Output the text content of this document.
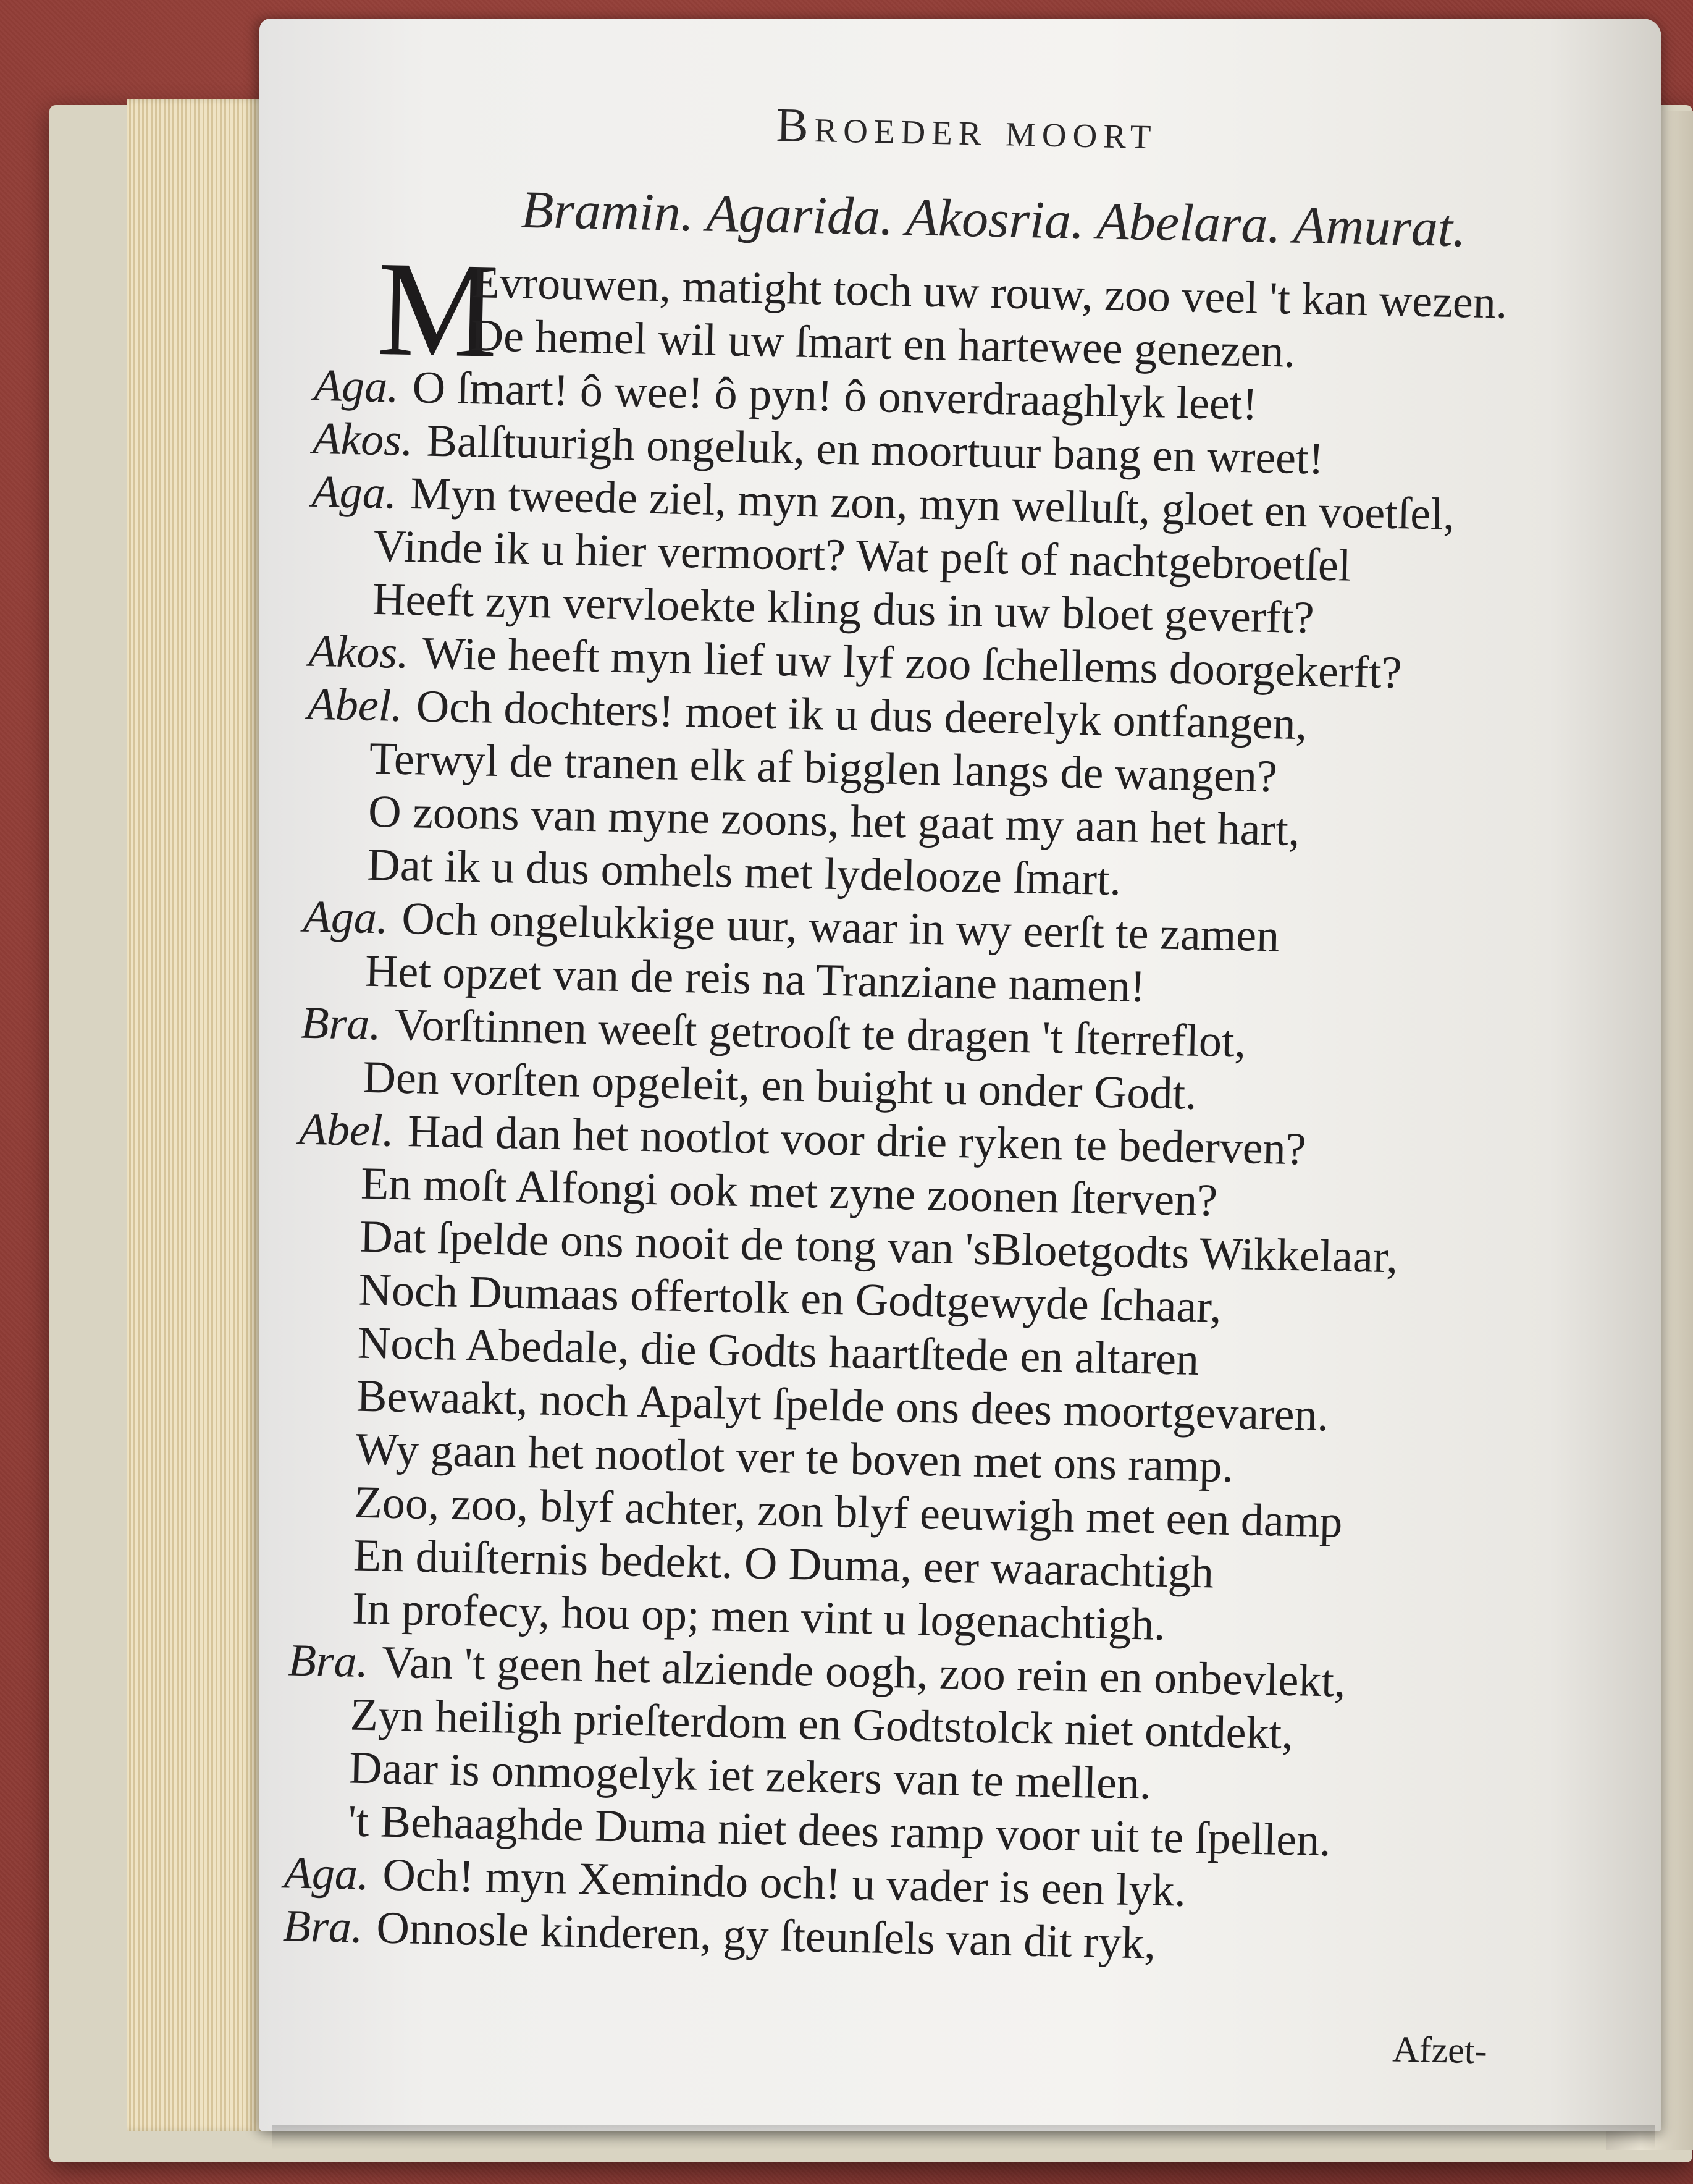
Broeder moort
Bramin. Agarida. Akosria. Abelara. Amurat.
M
Evrouwen, matight toch uw rouw, zoo veel 't kan wezen.
De hemel wil uw ſmart en hartewee genezen.
Aga. O ſmart! ô wee! ô pyn! ô onverdraaghlyk leet!
Akos. Balſtuurigh ongeluk, en moortuur bang en wreet!
Aga. Myn tweede ziel, myn zon, myn welluſt, gloet en voetſel,
Vinde ik u hier vermoort? Wat peſt of nachtgebroetſel
Heeft zyn vervloekte kling dus in uw bloet geverft?
Akos. Wie heeft myn lief uw lyf zoo ſchellems doorgekerft?
Abel. Och dochters! moet ik u dus deerelyk ontfangen,
Terwyl de tranen elk af bigglen langs de wangen?
O zoons van myne zoons, het gaat my aan het hart,
Dat ik u dus omhels met lydelooze ſmart.
Aga. Och ongelukkige uur, waar in wy eerſt te zamen
Het opzet van de reis na Tranziane namen!
Bra. Vorſtinnen weeſt getrooſt te dragen 't ſterreflot,
Den vorſten opgeleit, en buight u onder Godt.
Abel. Had dan het nootlot voor drie ryken te bederven?
En moſt Alfongi ook met zyne zoonen ſterven?
Dat ſpelde ons nooit de tong van 'sBloetgodts Wikkelaar,
Noch Dumaas offertolk en Godtgewyde ſchaar,
Noch Abedale, die Godts haartſtede en altaren
Bewaakt, noch Apalyt ſpelde ons dees moortgevaren.
Wy gaan het nootlot ver te boven met ons ramp.
Zoo, zoo, blyf achter, zon blyf eeuwigh met een damp
En duiſternis bedekt. O Duma, eer waarachtigh
In profecy, hou op; men vint u logenachtigh.
Bra. Van 't geen het alziende oogh, zoo rein en onbevlekt,
Zyn heiligh prieſterdom en Godtstolck niet ontdekt,
Daar is onmogelyk iet zekers van te mellen.
't Behaaghde Duma niet dees ramp voor uit te ſpellen.
Aga. Och! myn Xemindo och! u vader is een lyk.
Bra. Onnosle kinderen, gy ſteunſels van dit ryk,
Afzet-
